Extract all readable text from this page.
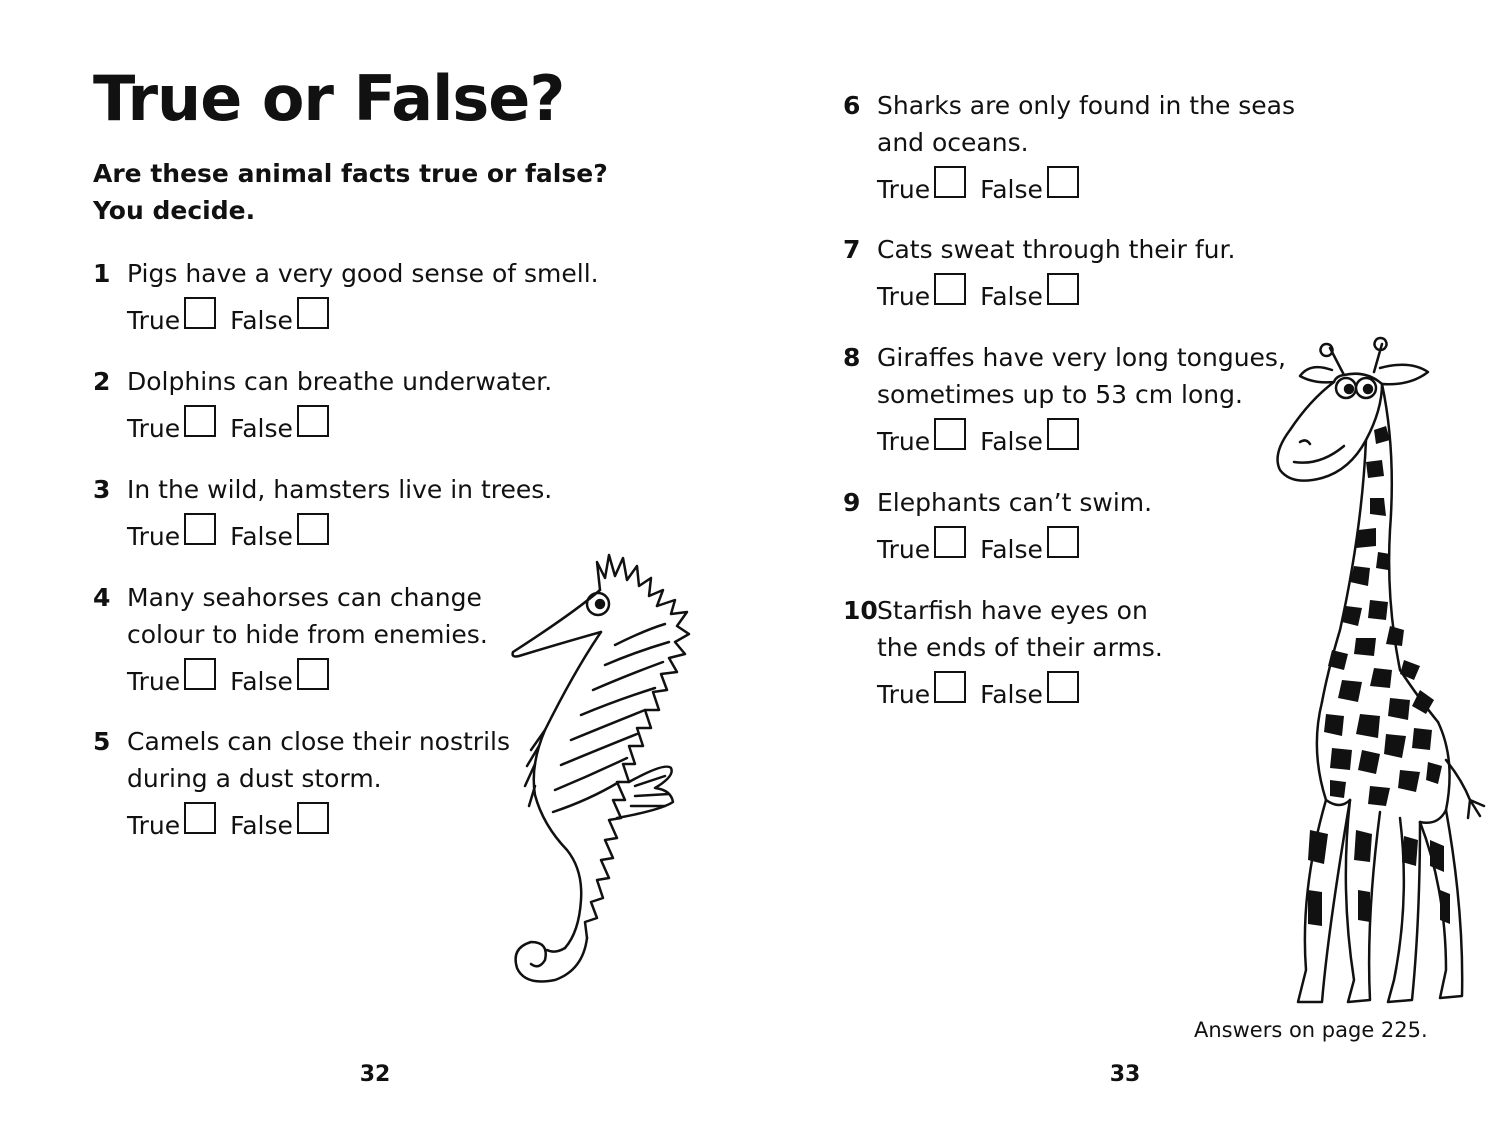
True or False?
Are these animal facts true or false?
You decide.
1 Pigs have a very good sense of smell.
True False
2 Dolphins can breathe underwater.
True False
3 In the wild, hamsters live in trees.
True False
4 Many seahorses can change
colour to hide from enemies.
True False
5 Camels can close their nostrils
during a dust storm.
True False
32
6 Sharks are only found in the seas
and oceans.
True False
7 Cats sweat through their fur.
True False
8 Giraffes have very long tongues,
sometimes up to 53 cm long.
True False
9 Elephants can’t swim.
True False
10 Starfish have eyes on
the ends of their arms.
True False
Answers on page 225.
33
